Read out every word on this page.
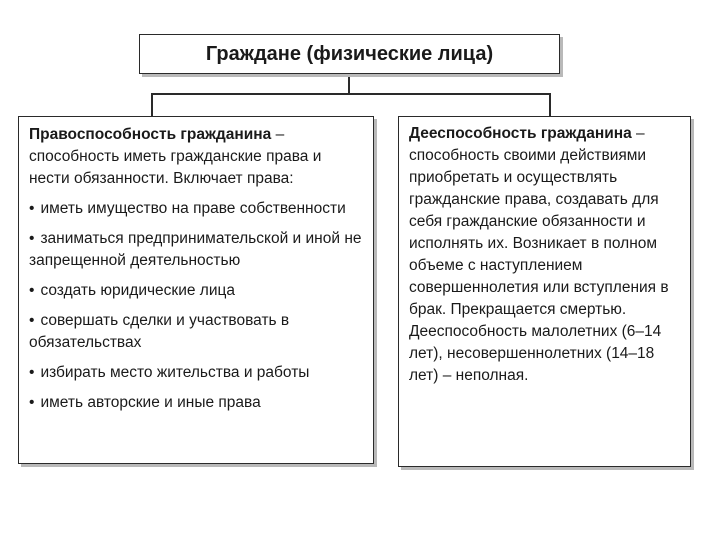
Граждане (физические лица)
Правоспособность гражданина – способность иметь гражданские права и нести обязанности. Включает права:
• иметь имущество на праве собственности
• заниматься предпринимательской и иной не запрещенной деятельностью
• создать юридические лица
• совершать сделки и участвовать в обязательствах
• избирать место жительства и работы
• иметь авторские и иные права
Дееспособность гражданина – способность своими действиями приобретать и осуществлять гражданские права, создавать для себя гражданские обязанности и исполнять их. Возникает в полном объеме с наступлением совершеннолетия или вступления в брак. Прекращается смертью. Дееспособность малолетних (6–14 лет), несовершеннолетних (14–18 лет) – неполная.
